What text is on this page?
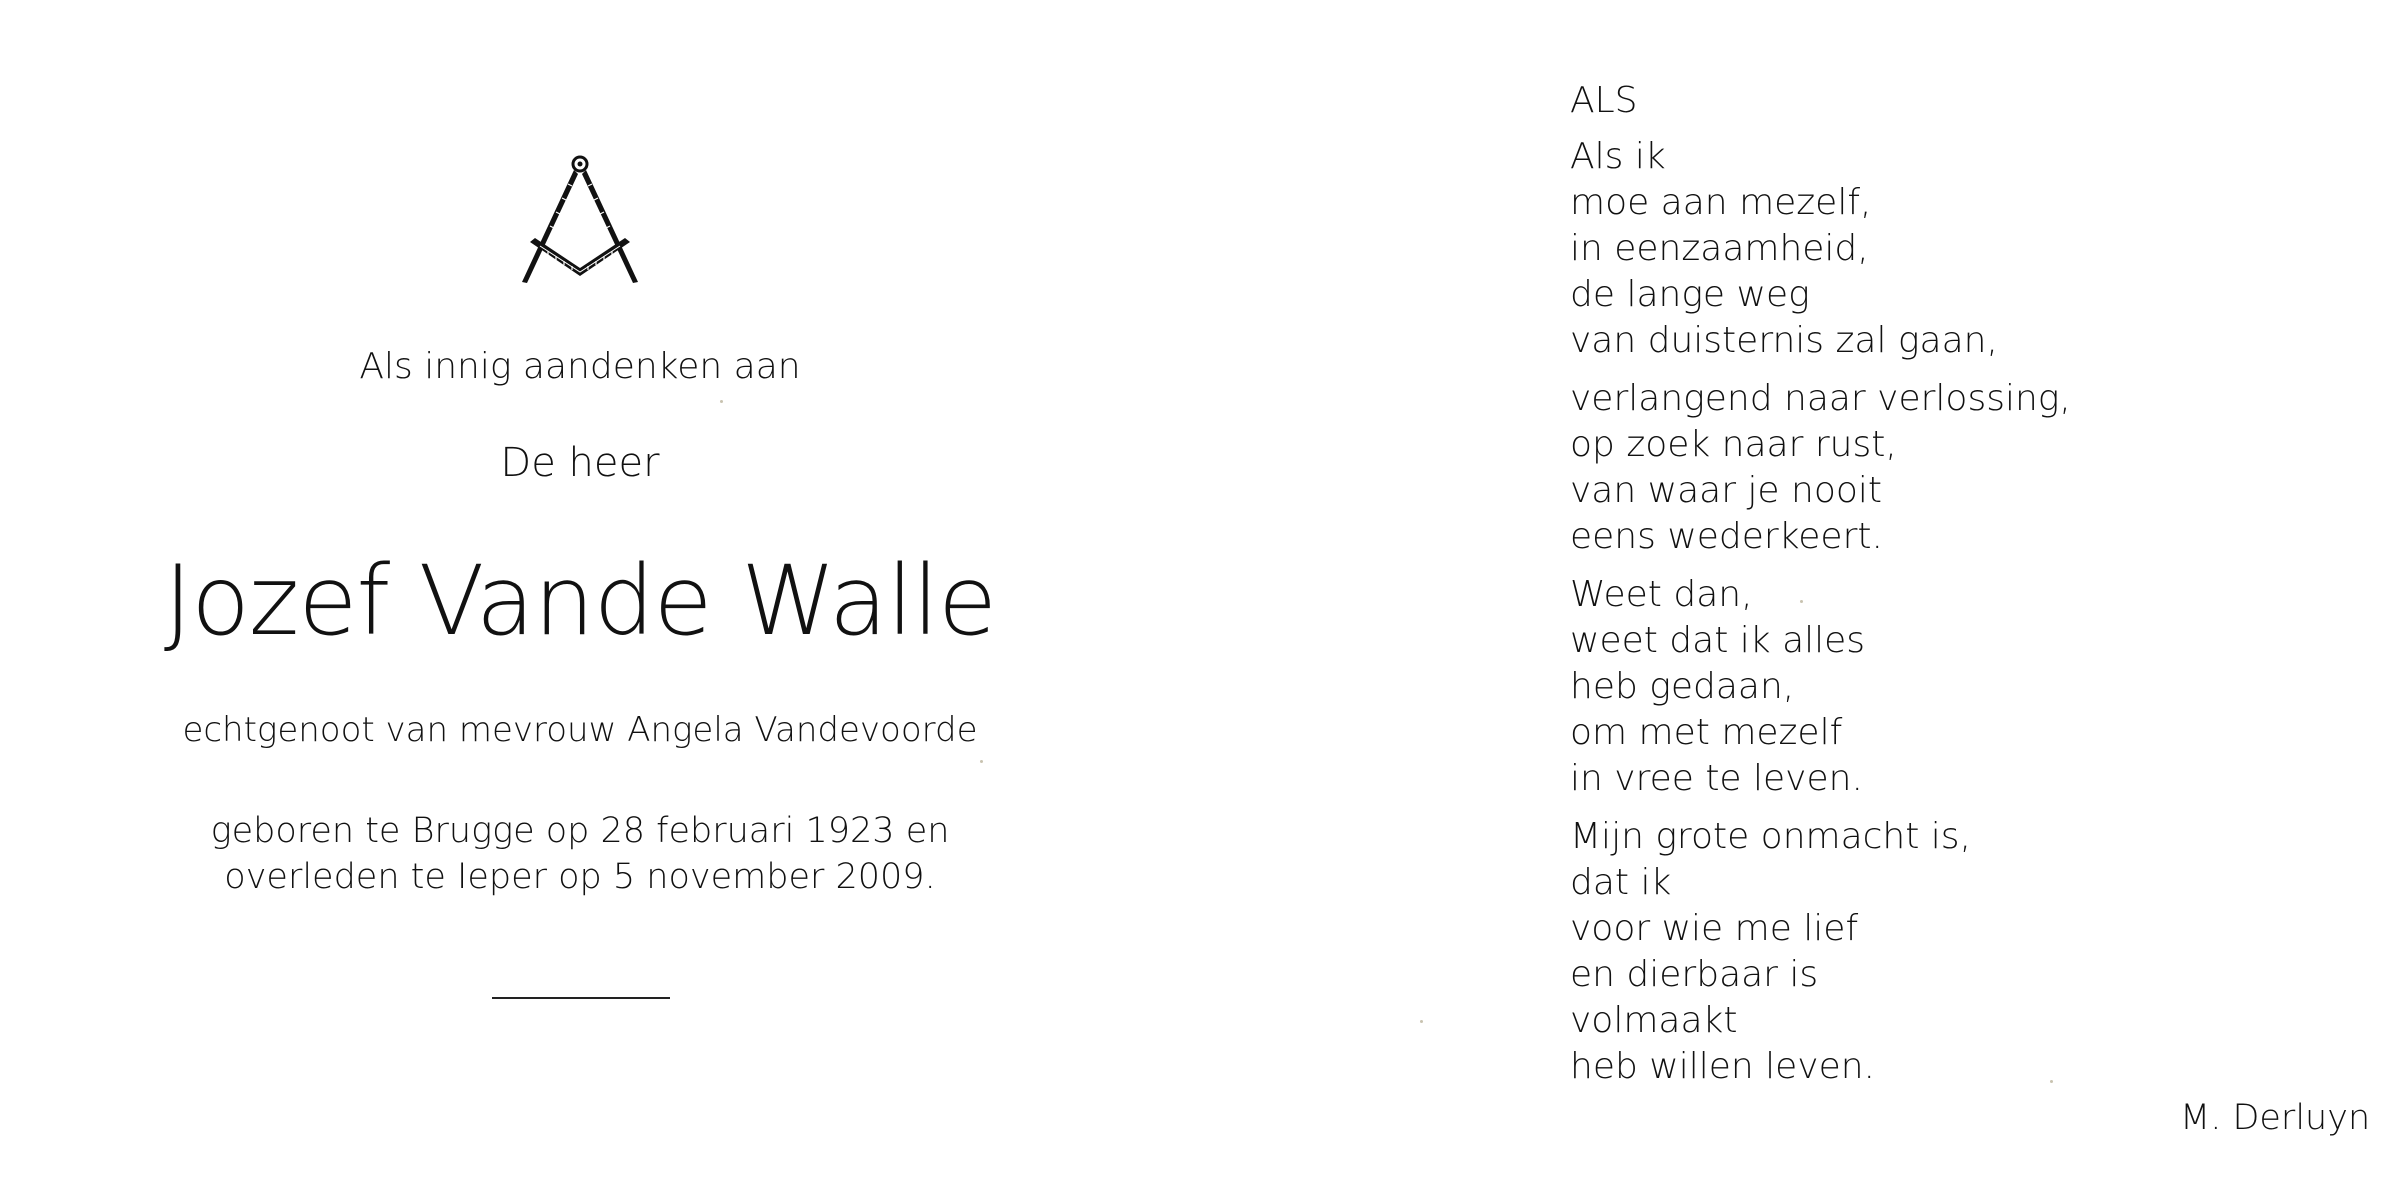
Als innig aandenken aan
De heer
Jozef Vande Walle
echtgenoot van mevrouw Angela Vandevoorde
geboren te Brugge op 28 februari 1923 en
overleden te Ieper op 5 november 2009.
ALS
Als ik
moe aan mezelf,
in eenzaamheid,
de lange weg
van duisternis zal gaan,
verlangend naar verlossing,
op zoek naar rust,
van waar je nooit
eens wederkeert.
Weet dan,
weet dat ik alles
heb gedaan,
om met mezelf
in vree te leven.
Mijn grote onmacht is,
dat ik
voor wie me lief
en dierbaar is
volmaakt
heb willen leven.
M. Derluyn
